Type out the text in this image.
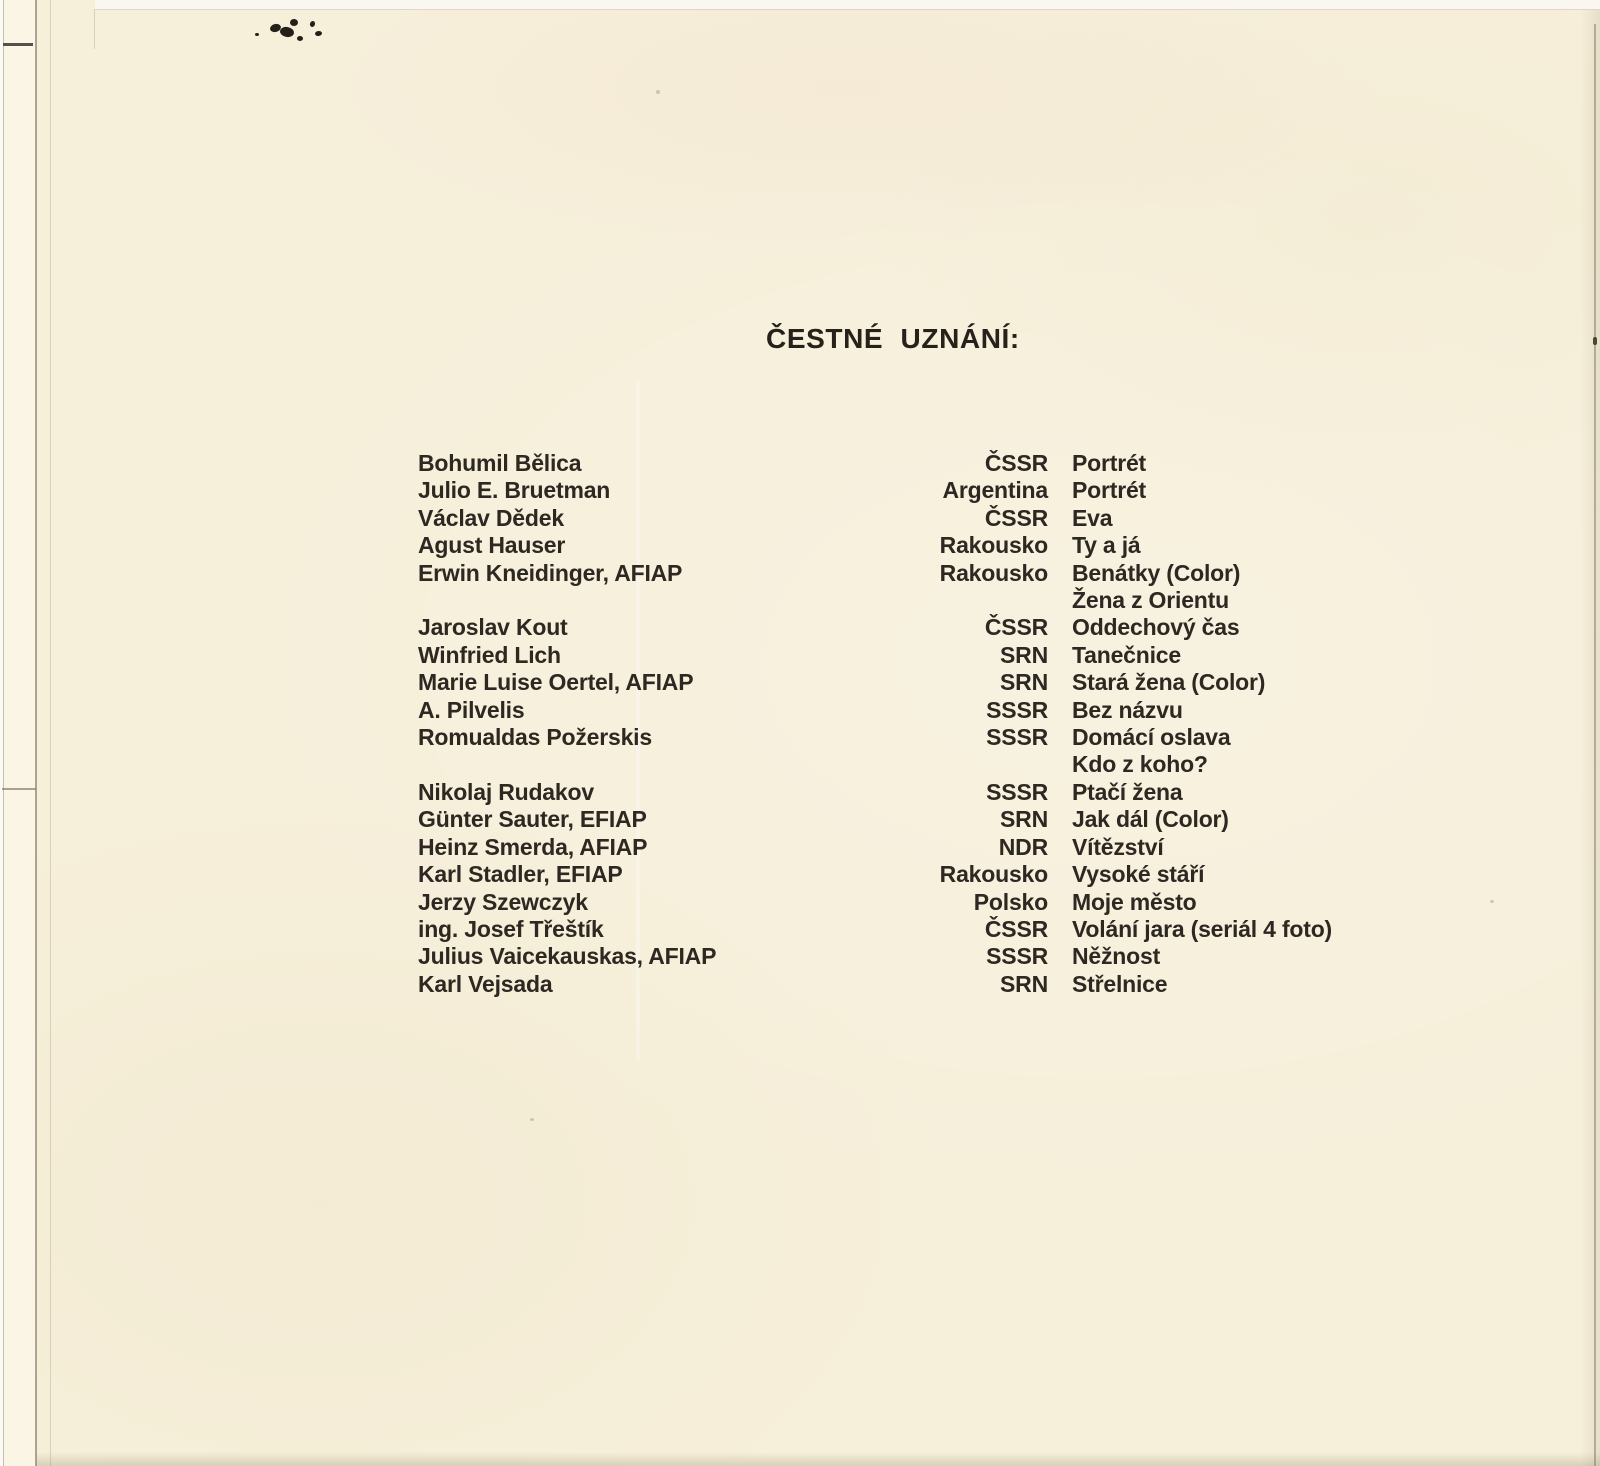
ČESTNÉ UZNÁNÍ:
Bohumil Bělica	ČSSR Portrét
Julio E. Bruetman	Argentina Portrét
Václav Dědek	ČSSR Eva
Agust Hauser	Rakousko Ty a já
Erwin Kneidinger, AFIAP	Rakousko Benátky (Color)
Žena z Orientu
Jaroslav Kout	ČSSR Oddechový čas
Winfried Lich	SRN Tanečnice
Marie Luise Oertel, AFIAP	SRN Stará žena (Color)
A. Pilvelis	SSSR Bez názvu
Romualdas Požerskis	SSSR Domácí oslava
Kdo z koho?
Nikolaj Rudakov	SSSR Ptačí žena
Günter Sauter, EFIAP	SRN Jak dál (Color)
Heinz Smerda, AFIAP	NDR Vítězství
Karl Stadler, EFIAP	Rakousko Vysoké stáří
Jerzy Szewczyk	Polsko Moje město
ing. Josef Třeštík	ČSSR Volání jara (seriál 4 foto)
Julius Vaicekauskas, AFIAP	SSSR Něžnost
Karl Vejsada	SRN Střelnice
